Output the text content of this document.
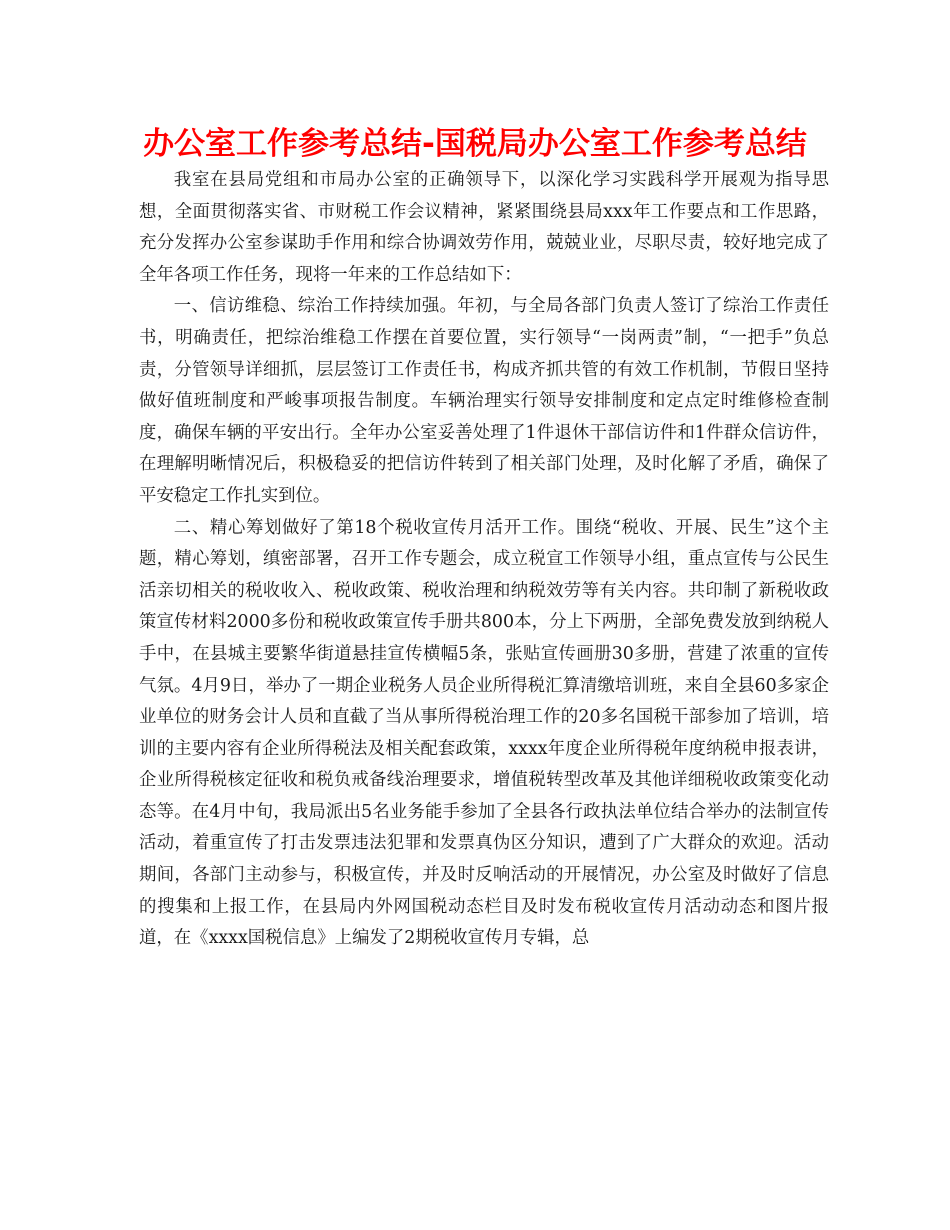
办公室工作参考总结-国税局办公室工作参考总结

我室在县局党组和市局办公室的正确领导下，以深化学习实践科学开展观为指导思想，全面贯彻落实省、市财税工作会议精神，紧紧围绕县局xxx年工作要点和工作思路，充分发挥办公室参谋助手作用和综合协调效劳作用，兢兢业业，尽职尽责，较好地完成了全年各项工作任务，现将一年来的工作总结如下：

一、信访维稳、综治工作持续加强。年初，与全局各部门负责人签订了综治工作责任书，明确责任，把综治维稳工作摆在首要位置，实行领导“一岗两责”制，“一把手”负总责，分管领导详细抓，层层签订工作责任书，构成齐抓共管的有效工作机制，节假日坚持做好值班制度和严峻事项报告制度。车辆治理实行领导安排制度和定点定时维修检查制度，确保车辆的平安出行。全年办公室妥善处理了1件退休干部信访件和1件群众信访件，在理解明晰情况后，积极稳妥的把信访件转到了相关部门处理，及时化解了矛盾，确保了平安稳定工作扎实到位。

二、精心筹划做好了第18个税收宣传月活开工作。围绕“税收、开展、民生”这个主题，精心筹划，缜密部署，召开工作专题会，成立税宣工作领导小组，重点宣传与公民生活亲切相关的税收收入、税收政策、税收治理和纳税效劳等有关内容。共印制了新税收政策宣传材料2000多份和税收政策宣传手册共800本，分上下两册，全部免费发放到纳税人手中，在县城主要繁华街道悬挂宣传横幅5条，张贴宣传画册30多册，营建了浓重的宣传气氛。4月9日，举办了一期企业税务人员企业所得税汇算清缴培训班，来自全县60多家企业单位的财务会计人员和直截了当从事所得税治理工作的20多名国税干部参加了培训，培训的主要内容有企业所得税法及相关配套政策，xxxx年度企业所得税年度纳税申报表讲，企业所得税核定征收和税负戒备线治理要求，增值税转型改革及其他详细税收政策变化动态等。在4月中旬，我局派出5名业务能手参加了全县各行政执法单位结合举办的法制宣传活动，着重宣传了打击发票违法犯罪和发票真伪区分知识，遭到了广大群众的欢迎。活动期间，各部门主动参与，积极宣传，并及时反响活动的开展情况，办公室及时做好了信息的搜集和上报工作，在县局内外网国税动态栏目及时发布税收宣传月活动动态和图片报道，在《xxxx国税信息》上编发了2期税收宣传月专辑，总
